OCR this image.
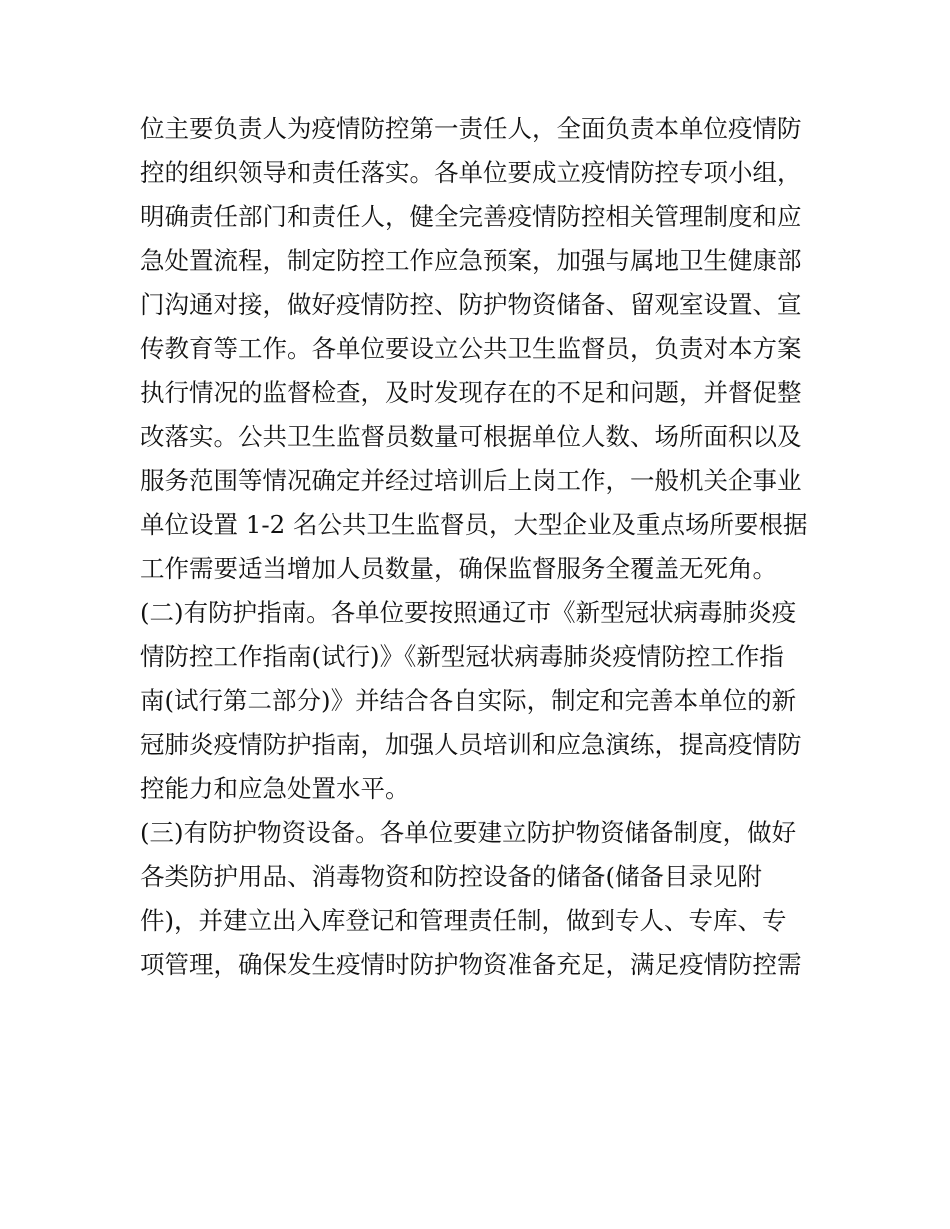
位主要负责人为疫情防控第一责任人，全面负责本单位疫情防
控的组织领导和责任落实。各单位要成立疫情防控专项小组，
明确责任部门和责任人，健全完善疫情防控相关管理制度和应
急处置流程，制定防控工作应急预案，加强与属地卫生健康部
门沟通对接，做好疫情防控、防护物资储备、留观室设置、宣
传教育等工作。各单位要设立公共卫生监督员，负责对本方案
执行情况的监督检查，及时发现存在的不足和问题，并督促整
改落实。公共卫生监督员数量可根据单位人数、场所面积以及
服务范围等情况确定并经过培训后上岗工作，一般机关企事业
单位设置 1-2 名公共卫生监督员，大型企业及重点场所要根据
工作需要适当增加人员数量，确保监督服务全覆盖无死角。
(二)有防护指南。各单位要按照通辽市《新型冠状病毒肺炎疫
情防控工作指南(试行)》《新型冠状病毒肺炎疫情防控工作指
南(试行第二部分)》并结合各自实际，制定和完善本单位的新
冠肺炎疫情防护指南，加强人员培训和应急演练，提高疫情防
控能力和应急处置水平。
(三)有防护物资设备。各单位要建立防护物资储备制度，做好
各类防护用品、消毒物资和防控设备的储备(储备目录见附
件)，并建立出入库登记和管理责任制，做到专人、专库、专
项管理，确保发生疫情时防护物资准备充足，满足疫情防控需
